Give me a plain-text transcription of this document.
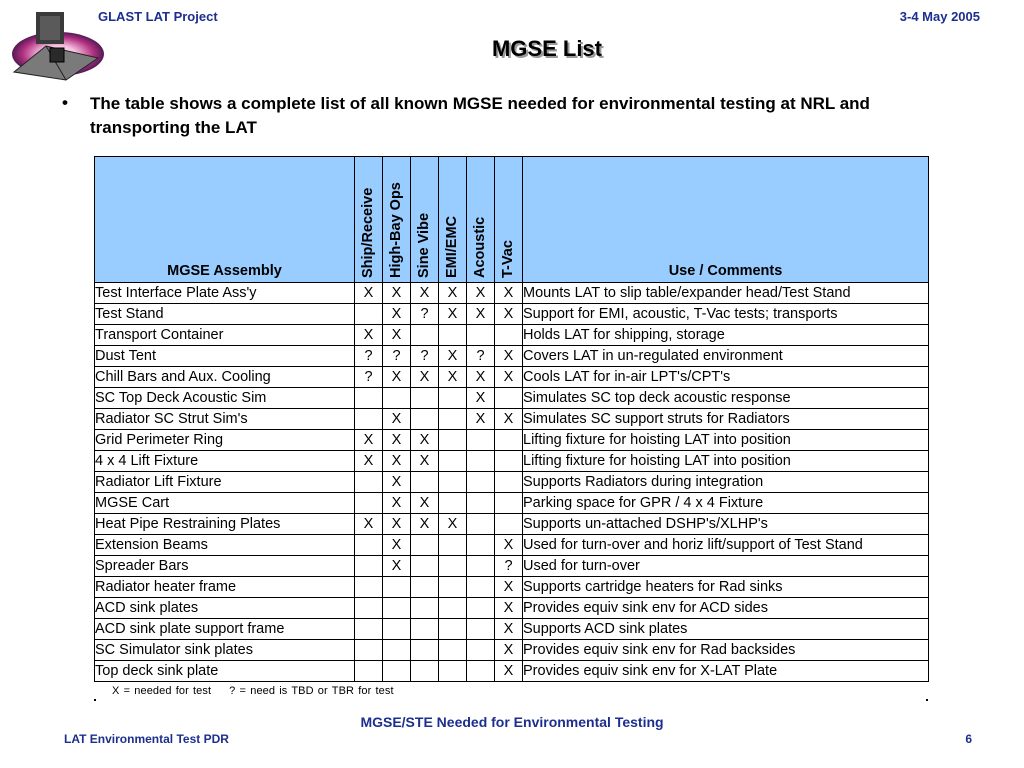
GLAST LAT Project	3-4 May 2005
MGSE List
• The table shows a complete list of all known MGSE needed for environmental testing at NRL and transporting the LAT
MGSE Assembly	Ship/Receive	High-Bay Ops	Sine Vibe	EMI/EMC	Acoustic	T-Vac	Use / Comments
Test Interface Plate Ass'y	X	X	X	X	X	X	Mounts LAT to slip table/expander head/Test Stand
Test Stand		X	?	X	X	X	Support for EMI, acoustic, T-Vac tests; transports
Transport Container	X	X					Holds LAT for shipping, storage
Dust Tent	?	?	?	X	?	X	Covers LAT in un-regulated environment
Chill Bars and Aux. Cooling	?	X	X	X	X	X	Cools LAT for in-air LPT's/CPT's
SC Top Deck Acoustic Sim					X		Simulates SC top deck acoustic response
Radiator SC Strut Sim's		X			X	X	Simulates SC support struts for Radiators
Grid Perimeter Ring	X	X	X				Lifting fixture for hoisting LAT into position
4 x 4 Lift Fixture	X	X	X				Lifting fixture for hoisting LAT into position
Radiator Lift Fixture		X					Supports Radiators during integration
MGSE Cart		X	X				Parking space for GPR / 4 x 4 Fixture
Heat Pipe Restraining Plates	X	X	X	X			Supports un-attached DSHP's/XLHP's
Extension Beams		X				X	Used for turn-over and horiz lift/support of Test Stand
Spreader Bars		X				?	Used for turn-over
Radiator heater frame						X	Supports cartridge heaters for Rad sinks
ACD sink plates						X	Provides equiv sink env for ACD sides
ACD sink plate support frame						X	Supports ACD sink plates
SC Simulator sink plates						X	Provides equiv sink env for Rad backsides
Top deck sink plate						X	Provides equiv sink env for X-LAT Plate
X = needed for test ? = need is TBD or TBR for test
MGSE/STE Needed for Environmental Testing
LAT Environmental Test PDR	6
